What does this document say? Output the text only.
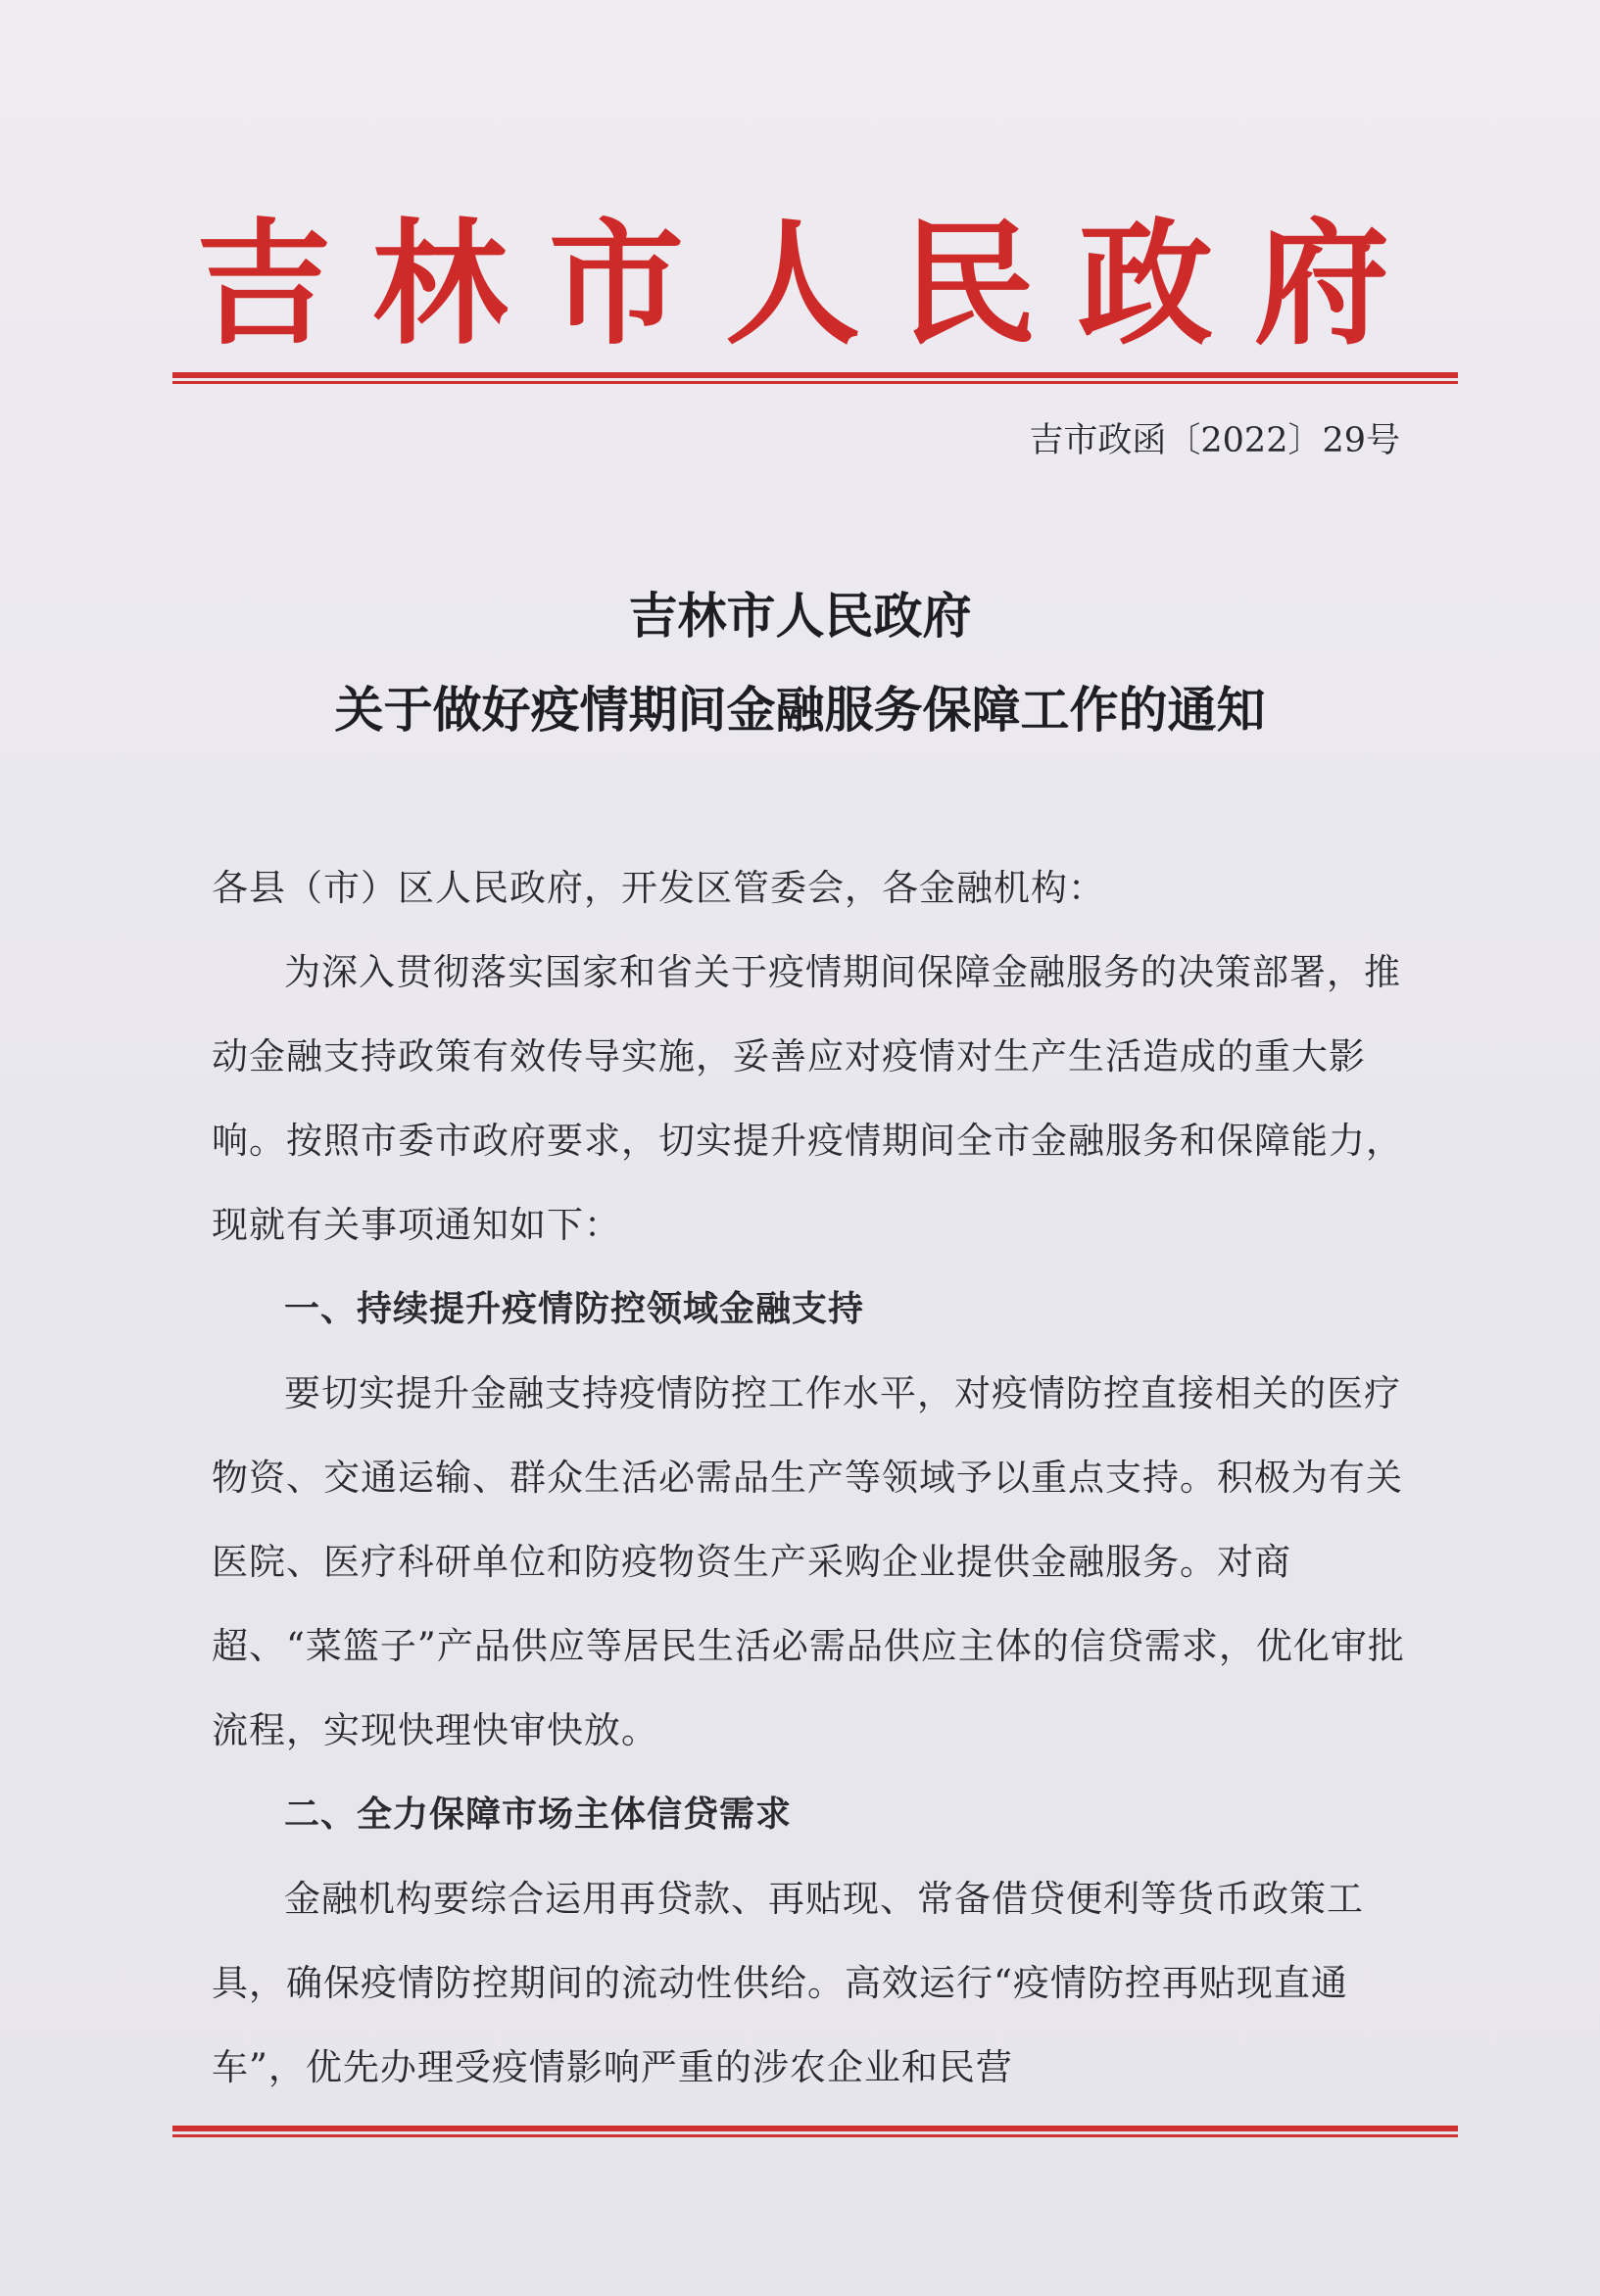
吉林市人民政府
吉市政函〔2022〕29号
吉林市人民政府
关于做好疫情期间金融服务保障工作的通知

各县（市）区人民政府，开发区管委会，各金融机构：

为深入贯彻落实国家和省关于疫情期间保障金融服务的决策部署，推动金融支持政策有效传导实施，妥善应对疫情对生产生活造成的重大影响。按照市委市政府要求，切实提升疫情期间全市金融服务和保障能力，现就有关事项通知如下：

一、持续提升疫情防控领域金融支持

要切实提升金融支持疫情防控工作水平，对疫情防控直接相关的医疗物资、交通运输、群众生活必需品生产等领域予以重点支持。积极为有关医院、医疗科研单位和防疫物资生产采购企业提供金融服务。对商超、“菜篮子”产品供应等居民生活必需品供应主体的信贷需求，优化审批流程，实现快理快审快放。

二、全力保障市场主体信贷需求

金融机构要综合运用再贷款、再贴现、常备借贷便利等货币政策工具，确保疫情防控期间的流动性供给。高效运行“疫情防控再贴现直通车”，优先办理受疫情影响严重的涉农企业和民营
